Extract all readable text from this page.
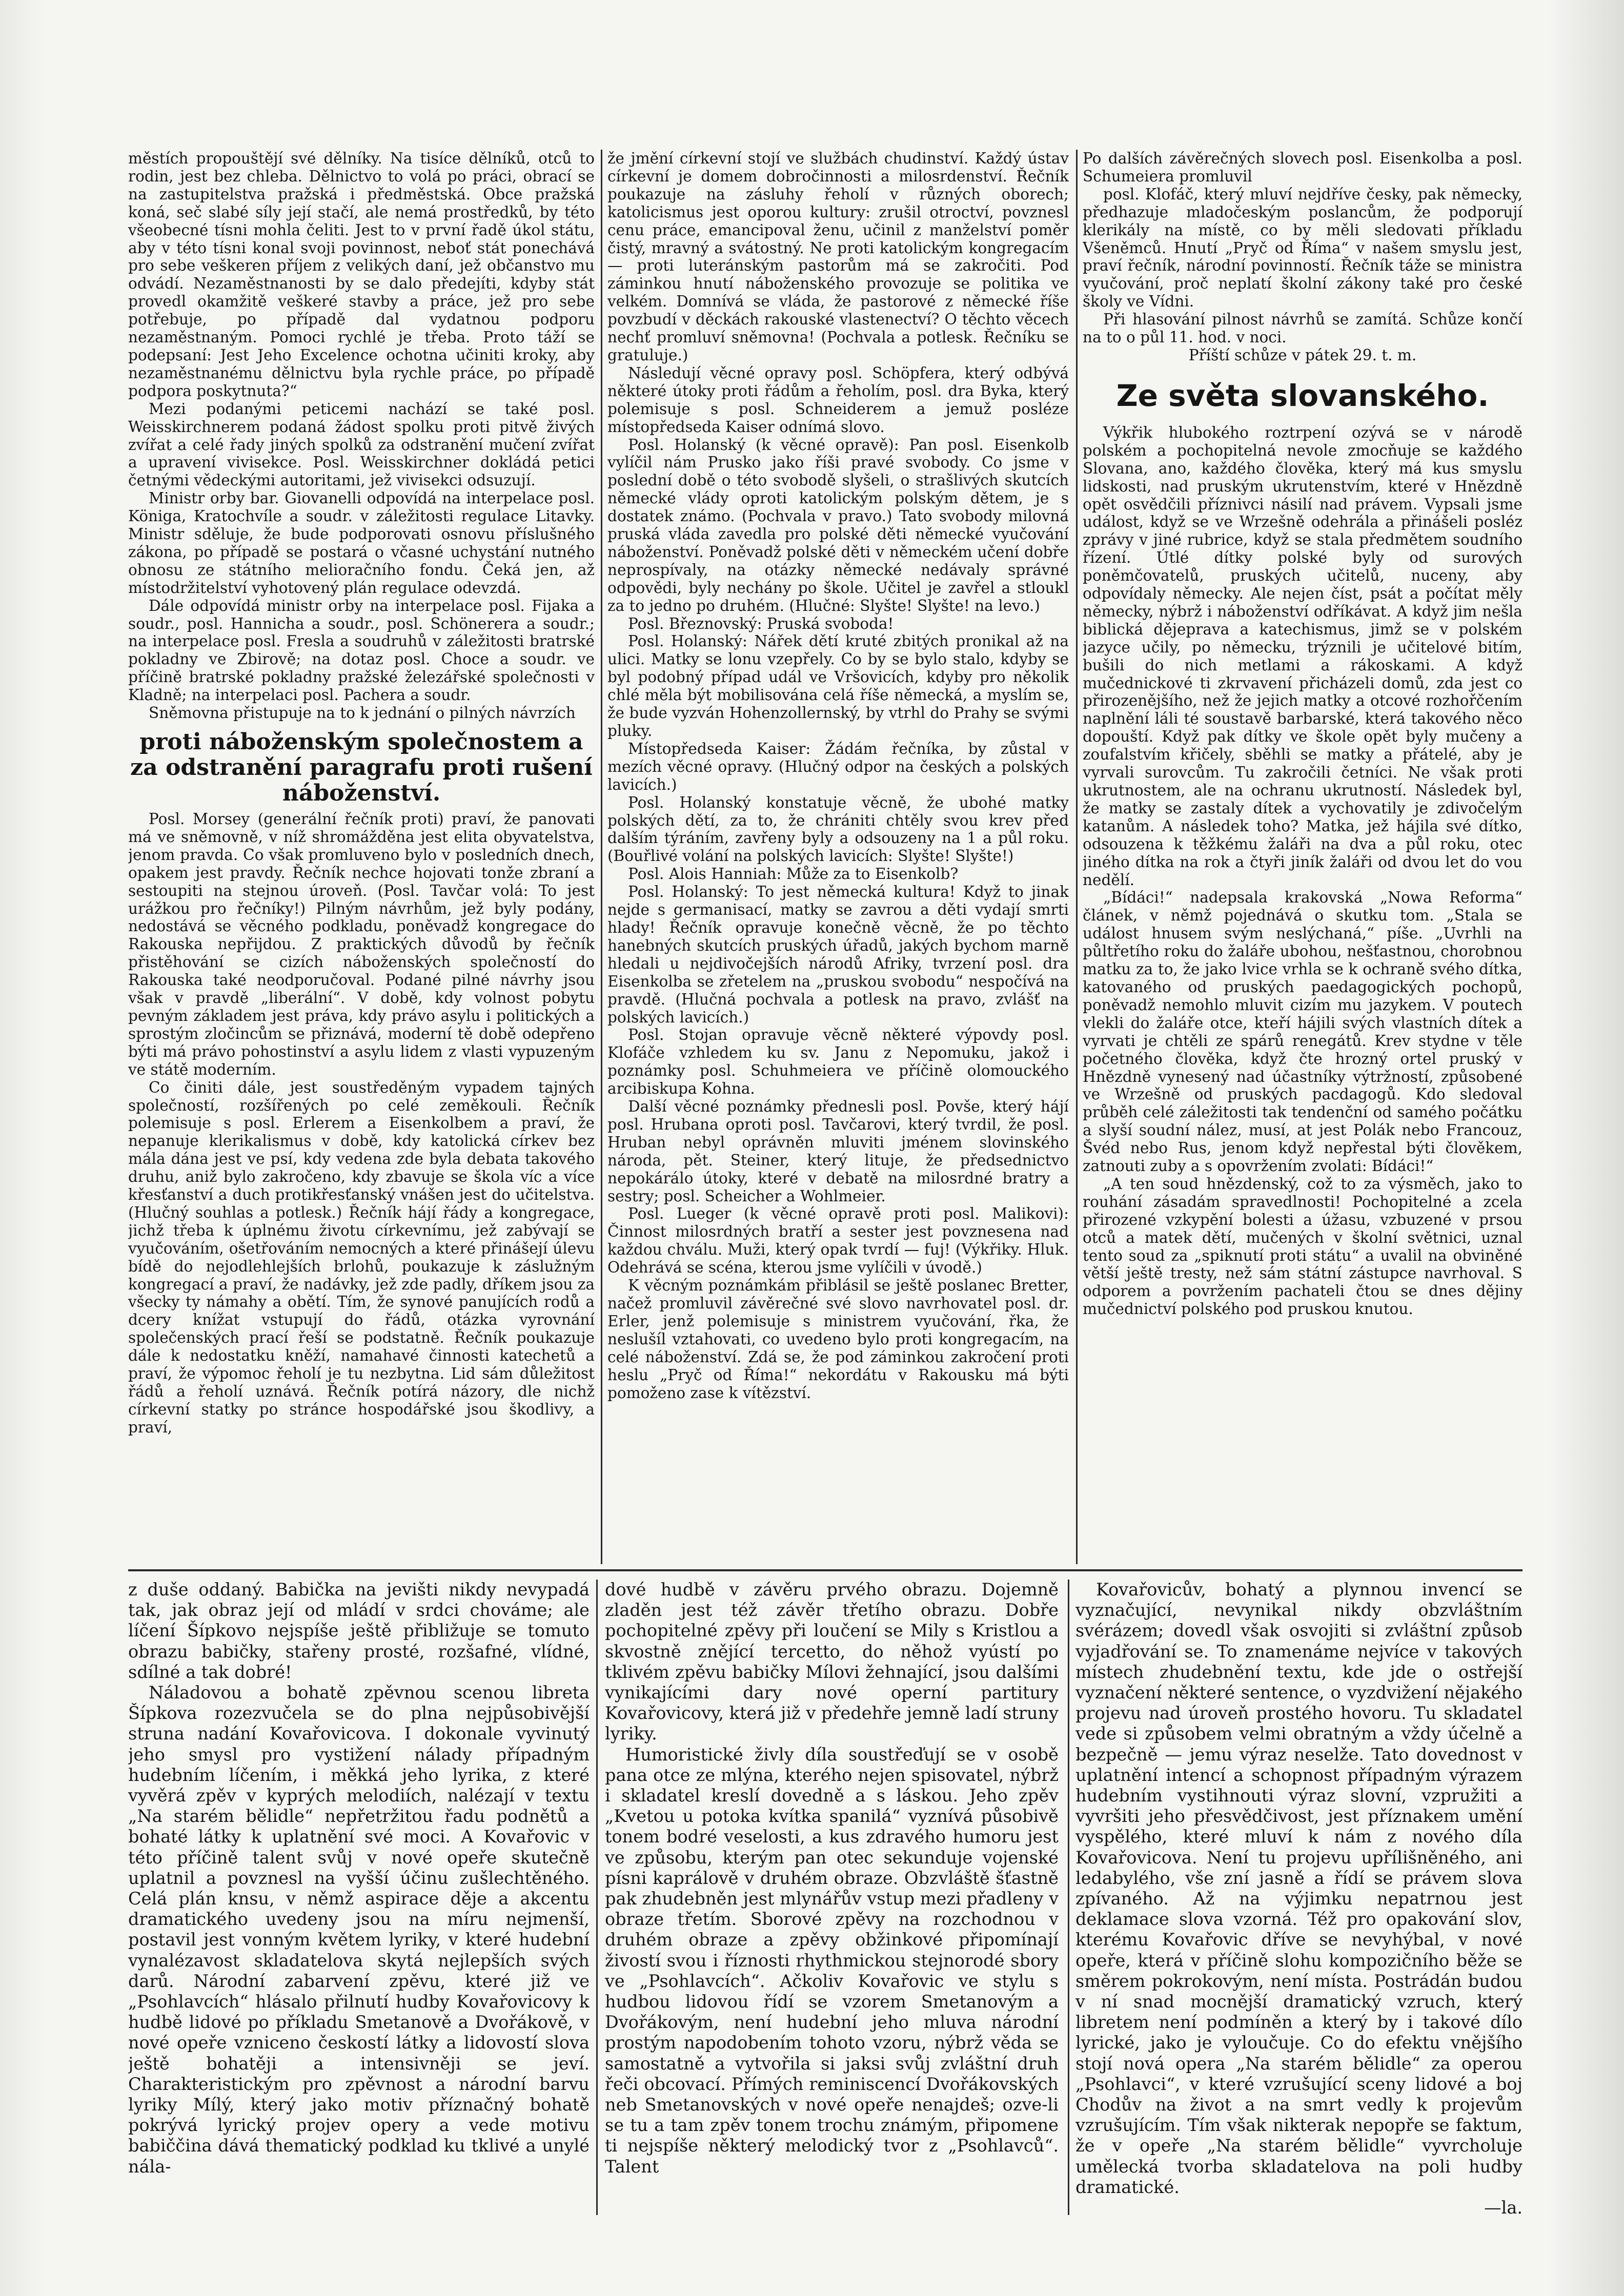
městích propouštějí své dělníky. Na tisíce dělníků, otců to rodin, jest bez chleba. Dělnictvo to volá po práci, obrací se na zastupitelstva pražská i předměstská. Obce pražská koná, seč slabé síly její stačí, ale nemá prostředků, by této všeobecné tísni mohla čeliti. Jest to v první řadě úkol státu, aby v této tísni konal svoji povinnost, neboť stát ponechává pro sebe veškeren příjem z velikých daní, jež občanstvo mu odvádí. Nezaměstnanosti by se dalo předejíti, kdyby stát provedl okamžitě veškeré stavby a práce, jež pro sebe potřebuje, po případě dal vydatnou podporu nezaměstnaným. Pomoci rychlé je třeba. Proto táží se podepsaní: Jest Jeho Excelence ochotna učiniti kroky, aby nezaměstnanému dělnictvu byla rychle práce, po případě podpora poskytnuta?“

Mezi podanými peticemi nachází se také posl. Weisskirchnerem podaná žádost spolku proti pitvě živých zvířat a celé řady jiných spolků za odstranění mučení zvířat a upravení vivisekce. Posl. Weisskirchner dokládá petici četnými vědeckými autoritami, jež vivisekci odsuzují.

Ministr orby bar. Giovanelli odpovídá na interpelace posl. Königa, Kratochvíle a soudr. v záležitosti regulace Litavky. Ministr sděluje, že bude podporovati osnovu příslušného zákona, po případě se postará o včasné uchystání nutného obnosu ze státního melioračního fondu. Čeká jen, až místodržitelství vyhotovený plán regulace odevzdá.

Dále odpovídá ministr orby na interpelace posl. Fijaka a soudr., posl. Hannicha a soudr., posl. Schönerera a soudr.; na interpelace posl. Fresla a soudruhů v záležitosti bratrské pokladny ve Zbirově; na dotaz posl. Choce a soudr. ve příčině bratrské pokladny pražské železářské společnosti v Kladně; na interpelaci posl. Pachera a soudr.

Sněmovna přistupuje na to k jednání o pilných návrzích

proti náboženským společnostem a za odstranění paragrafu proti rušení náboženství.

Posl. Morsey (generální řečník proti) praví, že panovati má ve sněmovně, v níž shromážděna jest elita obyvatelstva, jenom pravda. Co však promluveno bylo v posledních dnech, opakem jest pravdy. Řečník nechce hojovati tonže zbraní a sestoupiti na stejnou úroveň. (Posl. Tavčar volá: To jest urážkou pro řečníky!) Pilným návrhům, jež byly podány, nedostává se věcného podkladu, poněvadž kongregace do Rakouska nepřijdou. Z praktických důvodů by řečník přistěhování se cizích náboženských společností do Rakouska také neodporučoval. Podané pilné návrhy jsou však v pravdě „liberální“. V době, kdy volnost pobytu pevným základem jest práva, kdy právo asylu i politických a sprostým zločincům se přiznává, moderní tě době odepřeno býti má právo pohostinství a asylu lidem z vlasti vypuzeným ve státě moderním.

Co činiti dále, jest soustředěným vypadem tajných společností, rozšířených po celé zeměkouli. Řečník polemisuje s posl. Erlerem a Eisenkolbem a praví, že nepanuje klerikalismus v době, kdy katolická církev bez mála dána jest ve psí, kdy vedena zde byla debata takového druhu, aniž bylo zakročeno, kdy zbavuje se škola víc a více křesťanství a duch protikřesťanský vnášen jest do učitelstva. (Hlučný souhlas a potlesk.) Řečník hájí řády a kongregace, jichž třeba k úplnému životu církevnímu, jež zabývají se vyučováním, ošetřováním nemocných a které přinášejí úlevu bídě do nejodlehlejších brlohů, poukazuje k záslužným kongregací a praví, že nadávky, jež zde padly, dříkem jsou za všecky ty námahy a obětí. Tím, že synové panujících rodů a dcery knížat vstupují do řádů, otázka vyrovnání společenských prací řeší se podstatně. Řečník poukazuje dále k nedostatku kněží, namahavé činnosti katechetů a praví, že výpomoc řeholí je tu nezbytna. Lid sám důležitost řádů a řeholí uznává. Řečník potírá názory, dle nichž církevní statky po stránce hospodářské jsou škodlivy, a praví,

že jmění církevní stojí ve službách chudinství. Každý ústav církevní je domem dobročinnosti a milosrdenství. Řečník poukazuje na zásluhy řeholí v různých oborech; katolicismus jest oporou kultury: zrušil otroctví, povznesl cenu práce, emancipoval ženu, učinil z manželství poměr čistý, mravný a svátostný. Ne proti katolickým kongregacím — proti luteránským pastorům má se zakročiti. Pod záminkou hnutí náboženského provozuje se politika ve velkém. Domnívá se vláda, že pastorové z německé říše povzbudí v děckách rakouské vlastenectví? O těchto věcech nechť promluví sněmovna! (Pochvala a potlesk. Řečníku se gratuluje.)

Následují věcné opravy posl. Schöpfera, který odbývá některé útoky proti řádům a řeholím, posl. dra Byka, který polemisuje s posl. Schneiderem a jemuž posléze místopředseda Kaiser odnímá slovo.

Posl. Holanský (k věcné opravě): Pan posl. Eisenkolb vylíčil nám Prusko jako říši pravé svobody. Co jsme v poslední době o této svobodě slyšeli, o strašlivých skutcích německé vlády oproti katolickým polským dětem, je s dostatek známo. (Pochvala v pravo.) Tato svobody milovná pruská vláda zavedla pro polské děti německé vyučování náboženství. Poněvadž polské děti v německém učení dobře neprospívaly, na otázky německé nedávaly správné odpovědi, byly nechány po škole. Učitel je zavřel a stloukl za to jedno po druhém. (Hlučné: Slyšte! Slyšte! na levo.)

Posl. Březnovský: Pruská svoboda!

Posl. Holanský: Nářek dětí kruté zbitých pronikal až na ulici. Matky se lonu vzepřely. Co by se bylo stalo, kdyby se byl podobný případ udál ve Vršovicích, kdyby pro několik chlé měla být mobilisována celá říše německá, a myslím se, že bude vyzván Hohenzollernský, by vtrhl do Prahy se svými pluky.

Místopředseda Kaiser: Žádám řečníka, by zůstal v mezích věcné opravy. (Hlučný odpor na českých a polských lavicích.)

Posl. Holanský konstatuje věcně, že ubohé matky polských dětí, za to, že chrániti chtěly svou krev před dalším týráním, zavřeny byly a odsouzeny na 1 a půl roku. (Bouřlivé volání na polských lavicích: Slyšte! Slyšte!)

Posl. Alois Hanniah: Může za to Eisenkolb?

Posl. Holanský: To jest německá kultura! Když to jinak nejde s germanisací, matky se zavrou a děti vydají smrti hlady! Řečník opravuje konečně věcně, že po těchto hanebných skutcích pruských úřadů, jakých bychom marně hledali u nejdivočejších národů Afriky, tvrzení posl. dra Eisenkolba se zřetelem na „pruskou svobodu“ nespočívá na pravdě. (Hlučná pochvala a potlesk na pravo, zvlášť na polských lavicích.)

Posl. Stojan opravuje věcně některé výpovdy posl. Klofáče vzhledem ku sv. Janu z Nepomuku, jakož i poznámky posl. Schuhmeiera ve příčině olomouckého arcibiskupa Kohna.

Další věcné poznámky přednesli posl. Povše, který hájí posl. Hrubana oproti posl. Tavčarovi, který tvrdil, že posl. Hruban nebyl oprávněn mluviti jménem slovinského národa, pět. Steiner, který lituje, že předsednictvo nepokárálo útoky, které v debatě na milosrdné bratry a sestry; posl. Scheicher a Wohlmeier.

Posl. Lueger (k věcné opravě proti posl. Malikovi): Činnost milosrdných bratří a sester jest povznesena nad každou chválu. Muži, který opak tvrdí — fuj! (Výkřiky. Hluk. Odehrává se scéna, kterou jsme vylíčili v úvodě.)

K věcným poznámkám přiblásil se ještě poslanec Bretter, načež promluvil závěrečné své slovo navrhovatel posl. dr. Erler, jenž polemisuje s ministrem vyučování, řka, že neslušíl vztahovati, co uvedeno bylo proti kongregacím, na celé náboženství. Zdá se, že pod záminkou zakročení proti heslu „Pryč od Říma!“ nekordátu v Rakousku má býti pomoženo zase k vítězství.

Po dalších závěrečných slovech posl. Eisenkolba a posl. Schumeiera promluvil

posl. Klofáč, který mluví nejdříve česky, pak německy, předhazuje mladočeským poslancům, že podporují klerikály na místě, co by měli sledovati příkladu Všeněmců. Hnutí „Pryč od Říma“ v našem smyslu jest, praví řečník, národní povinností. Řečník táže se ministra vyučování, proč neplatí školní zákony také pro české školy ve Vídni.

Při hlasování pilnost návrhů se zamítá. Schůze končí na to o půl 11. hod. v noci.

Příští schůze v pátek 29. t. m.

Ze světa slovanského.

Výkřik hlubokého roztrpení ozývá se v národě polském a pochopitelná nevole zmocňuje se každého Slovana, ano, každého člověka, který má kus smyslu lidskosti, nad pruským ukrutenstvím, které v Hnězdně opět osvědčili příznivci násilí nad právem. Vypsali jsme událost, když se ve Wrzešně odehrála a přinášeli posléz zprávy v jiné rubrice, když se stala předmětem soudního řízení. Útlé dítky polské byly od surových poněmčovatelů, pruských učitelů, nuceny, aby odpovídaly německy. Ale nejen číst, psát a počítat měly německy, nýbrž i náboženství odříkávat. A když jim nešla biblická dějeprava a katechismus, jimž se v polském jazyce učily, po německu, trýznili je učitelové bitím, bušili do nich metlami a rákoskami. A když mučednickové ti zkrvavení přicházeli domů, zda jest co přirozenějšího, než že jejich matky a otcové rozhořčením naplnění láli té soustavě barbarské, která takového něco dopouští. Když pak dítky ve škole opět byly mučeny a zoufalstvím křičely, sběhli se matky a přátelé, aby je vyrvali surovcům. Tu zakročili četníci. Ne však proti ukrutnostem, ale na ochranu ukrutností. Následek byl, že matky se zastaly dítek a vychovatily je zdivočelým katanům. A následek toho? Matka, jež hájila své dítko, odsouzena k těžkému žaláři na dva a půl roku, otec jiného dítka na rok a čtyři jiník žaláři od dvou let do vou nedělí.

„Bídáci!“ nadepsala krakovská „Nowa Reforma“ článek, v němž pojednává o skutku tom. „Stala se událost hnusem svým neslýchaná,“ píše. „Uvrhli na půltřetího roku do žaláře ubohou, nešťastnou, chorobnou matku za to, že jako lvice vrhla se k ochraně svého dítka, katovaného od pruských paedagogických pochopů, poněvadž nemohlo mluvit cizím mu jazykem. V poutech vlekli do žaláře otce, kteří hájili svých vlastních dítek a vyrvati je chtěli ze spárů renegátů. Krev stydne v těle početného člověka, když čte hrozný ortel pruský v Hnězdně vynesený nad účastníky výtržností, způsobené ve Wrzešně od pruských pacdagogů. Kdo sledoval průběh celé záležitosti tak tendenční od samého počátku a slyší soudní nález, musí, at jest Polák nebo Francouz, Švéd nebo Rus, jenom když nepřestal býti člověkem, zatnouti zuby a s opovržením zvolati: Bídáci!“

„A ten soud hnězdenský, což to za výsměch, jako to rouhání zásadám spravedlnosti! Pochopitelné a zcela přirozené vzkypění bolesti a úžasu, vzbuzené v prsou otců a matek dětí, mučených v školní světnici, uznal tento soud za „spiknutí proti státu“ a uvalil na obviněné větší ještě tresty, než sám státní zástupce navrhoval. S odporem a povržením pachateli čtou se dnes dějiny mučednictví polského pod pruskou knutou.

z duše oddaný. Babička na jevišti nikdy nevypadá tak, jak obraz její od mládí v srdci chováme; ale líčení Šípkovo nejspíše ještě přibližuje se tomuto obrazu babičky, stařeny prosté, rozšafné, vlídné, sdílné a tak dobré!

Náladovou a bohatě zpěvnou scenou libreta Šípkova rozezvučela se do plna nejpůsobivější struna nadání Kovařovicova. I dokonale vyvinutý jeho smysl pro vystižení nálady případným hudebním líčením, i měkká jeho lyrika, z které vyvěrá zpěv v kyprých melodiích, nalézají v textu „Na starém bělidle“ nepřetržitou řadu podnětů a bohaté látky k uplatnění své moci. A Kovařovic v této příčině talent svůj v nové opeře skutečně uplatnil a povznesl na vyšší účinu zušlechtěného. Celá plán knsu, v němž aspirace děje a akcentu dramatického uvedeny jsou na míru nejmenší, postavil jest vonným květem lyriky, v které hudební vynalézavost skladatelova skytá nejlepších svých darů. Národní zabarvení zpěvu, které již ve „Psohlavcích“ hlásalo přilnutí hudby Kovařovicovy k hudbě lidové po příkladu Smetanově a Dvořákově, v nové opeře vzniceno českostí látky a lidovostí slova ještě bohatěji a intensivněji se jeví. Charakteristickým pro zpěvnost a národní barvu lyriky Mílý, který jako motiv příznačný bohatě pokrývá lyrický projev opery a vede motivu babiččina dává thematický podklad ku tklivé a unylé nála-

dové hudbě v závěru prvého obrazu. Dojemně zladěn jest též závěr třetího obrazu. Dobře pochopitelné zpěvy při loučení se Mily s Kristlou a skvostně znějící tercetto, do něhož vyústí po tklivém zpěvu babičky Mílovi žehnající, jsou dalšími vynikajícími dary nové operní partitury Kovařovicovy, která již v předehře jemně ladí struny lyriky.

Humoristické živly díla soustřeďují se v osobě pana otce ze mlýna, kterého nejen spisovatel, nýbrž i skladatel kreslí dovedně a s láskou. Jeho zpěv „Kvetou u potoka kvítka spanilá“ vyznívá působivě tonem bodré veselosti, a kus zdravého humoru jest ve způsobu, kterým pan otec sekunduje vojenské písni kaprálově v druhém obraze. Obzvláště šťastně pak zhudebněn jest mlynářův vstup mezi přadleny v obraze třetím. Sborové zpěvy na rozchodnou v druhém obraze a zpěvy obžinkové připomínají živostí svou i říznosti rhythmickou stejnorodé sbory ve „Psohlavcích“. Ačkoliv Kovařovic ve stylu s hudbou lidovou řídí se vzorem Smetanovým a Dvořákovým, není hudební jeho mluva národní prostým napodobením tohoto vzoru, nýbrž věda se samostatně a vytvořila si jaksi svůj zvláštní druh řeči obcovací. Přímých reminiscencí Dvořákovských neb Smetanovských v nové opeře nenajdeš; ozve-li se tu a tam zpěv tonem trochu známým, připomene ti nejspíše některý melodický tvor z „Psohlavců“. Talent

Kovařovicův, bohatý a plynnou invencí se vyznačující, nevynikal nikdy obzvláštním svérázem; dovedl však osvojiti si zvláštní způsob vyjadřování se. To znamenáme nejvíce v takových místech zhudebnění textu, kde jde o ostřejší vyznačení některé sentence, o vyzdvižení nějakého projevu nad úroveň prostého hovoru. Tu skladatel vede si způsobem velmi obratným a vždy účelně a bezpečně — jemu výraz neselže. Tato dovednost v uplatnění intencí a schopnost případným výrazem hudebním vystihnouti výraz slovní, vzpružiti a vyvršiti jeho přesvědčivost, jest příznakem umění vyspělého, které mluví k nám z nového díla Kovařovicova. Není tu projevu upřílišněného, ani ledabylého, vše zní jasně a řídí se právem slova zpívaného. Až na výjimku nepatrnou jest deklamace slova vzorná. Též pro opakování slov, kterému Kovařovic dříve se nevyhýbal, v nové opeře, která v příčině slohu kompozičního běže se směrem pokrokovým, není místa. Postrádán budou v ní snad mocnější dramatický vzruch, který libretem není podmíněn a který by i takové dílo lyrické, jako je vyloučuje. Co do efektu vnějšího stojí nová opera „Na starém bělidle“ za operou „Psohlavci“, v které vzrušující sceny lidové a boj Chodův na život a na smrt vedly k projevům vzrušujícím. Tím však nikterak nepopře se faktum, že v opeře „Na starém bělidle“ vyvrcholuje umělecká tvorba skladatelova na poli hudby dramatické.

—la.
